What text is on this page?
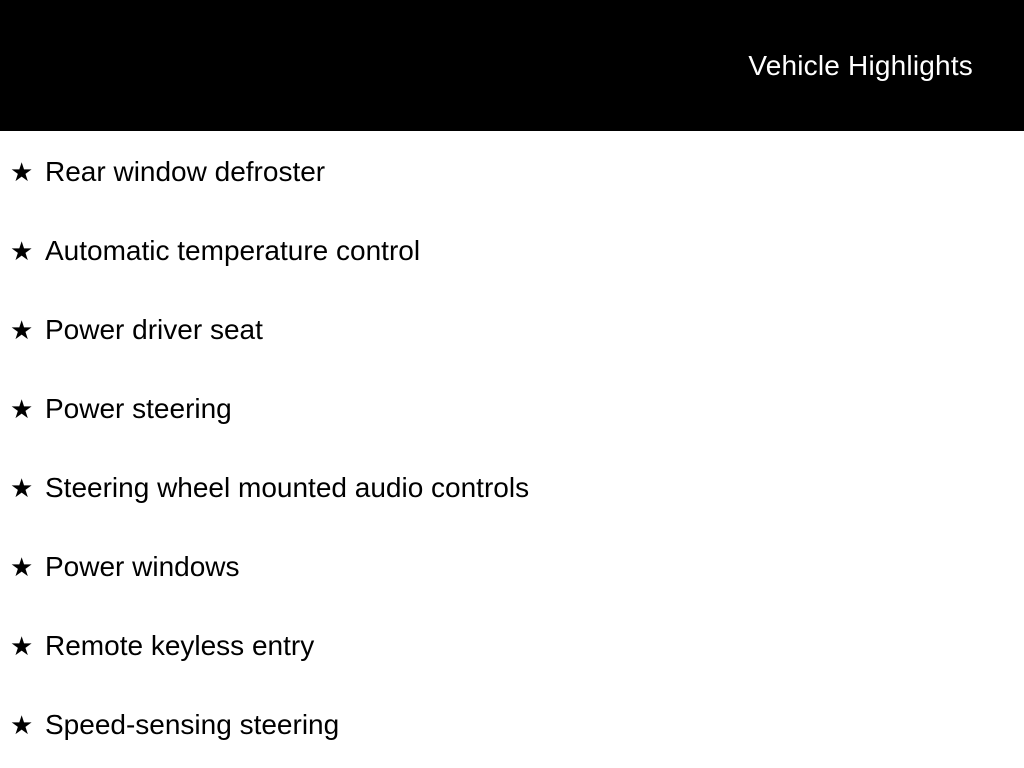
Vehicle Highlights
★ Rear window defroster
★ Automatic temperature control
★ Power driver seat
★ Power steering
★ Steering wheel mounted audio controls
★ Power windows
★ Remote keyless entry
★ Speed-sensing steering
